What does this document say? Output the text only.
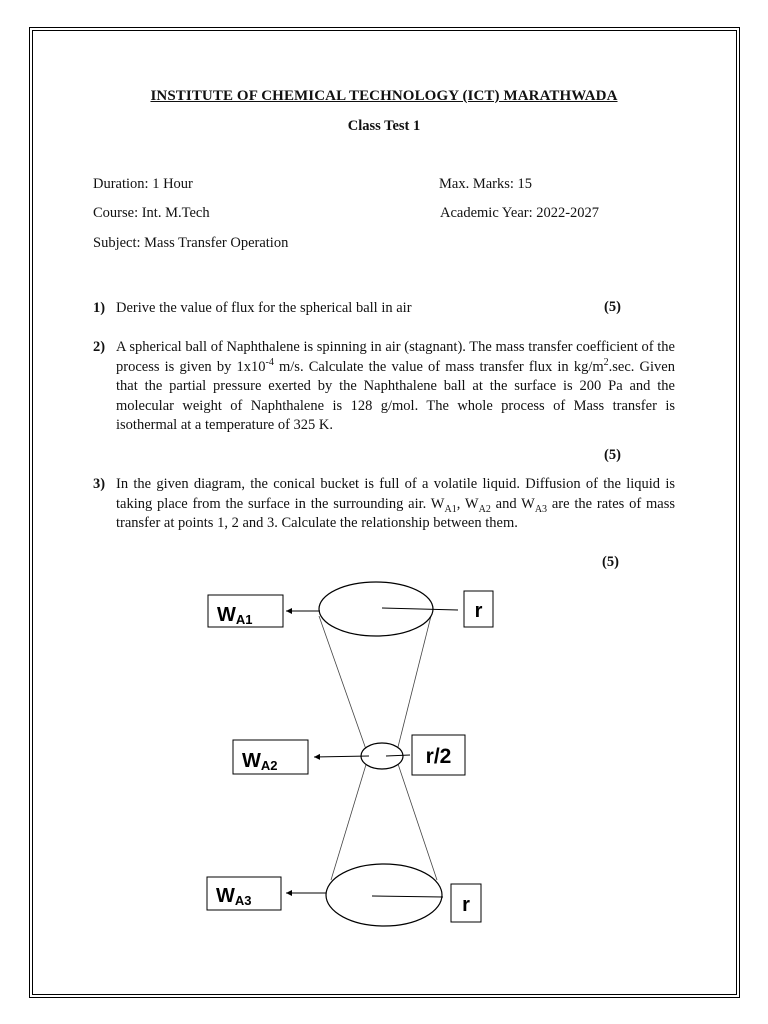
INSTITUTE OF CHEMICAL TECHNOLOGY (ICT) MARATHWADA
Class Test 1
Duration: 1 Hour	Max. Marks: 15
Course: Int. M.Tech	Academic Year: 2022-2027
Subject: Mass Transfer Operation
1) Derive the value of flux for the spherical ball in air	(5)
2) A spherical ball of Naphthalene is spinning in air (stagnant). The mass transfer coefficient of the process is given by $1x10^{-4}$ m/s. Calculate the value of mass transfer flux in $kg/m^2.\sec$. Given that the partial pressure exerted by the Naphthalene ball at the surface is 200 Pa and the molecular weight of Naphthalene is 128 g/mol. The whole process of Mass transfer is isothermal at a temperature of 325 K.
(5)
3) In the given diagram, the conical bucket is full of a volatile liquid. Diffusion of the liquid is taking place from the surface in the surrounding air. $W_{A1}$, $W_{A2}$ and $W_{A3}$ are the rates of mass transfer at points 1, 2 and 3. Calculate the relationship between them.
(5)
WA1
WA2
WA3
r
r/2
r
